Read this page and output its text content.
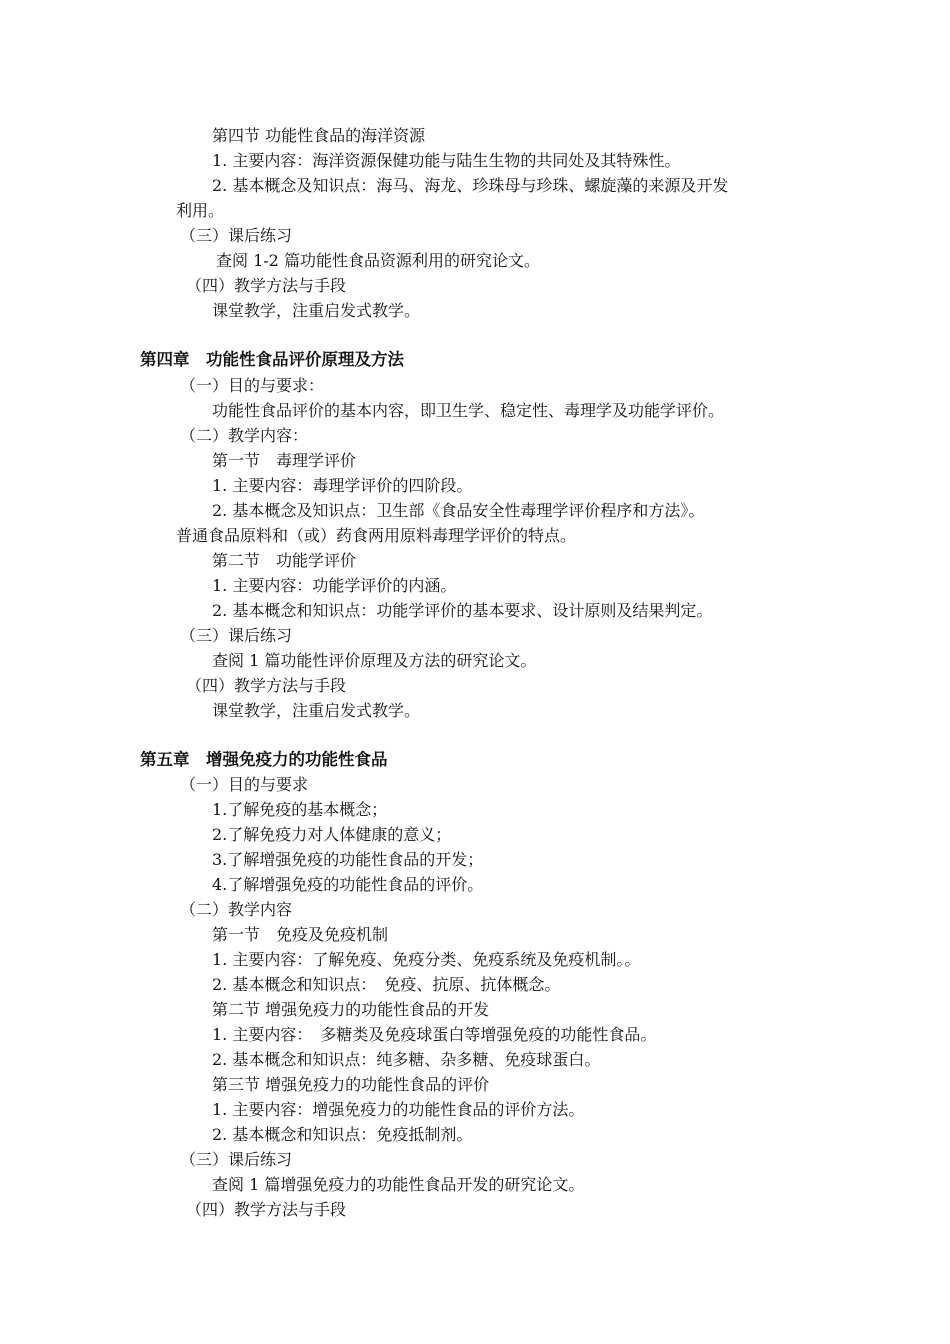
第四节 功能性食品的海洋资源
1. 主要内容：海洋资源保健功能与陆生生物的共同处及其特殊性。
2. 基本概念及知识点：海马、海龙、珍珠母与珍珠、螺旋藻的来源及开发
利用。
（三）课后练习
查阅 1-2 篇功能性食品资源利用的研究论文。
（四）教学方法与手段
课堂教学，注重启发式教学。
第四章　功能性食品评价原理及方法
（一）目的与要求：
功能性食品评价的基本内容，即卫生学、稳定性、毒理学及功能学评价。
（二）教学内容：
第一节　毒理学评价
1. 主要内容：毒理学评价的四阶段。
2. 基本概念及知识点：卫生部《食品安全性毒理学评价程序和方法》。
普通食品原料和（或）药食两用原料毒理学评价的特点。
第二节　功能学评价
1. 主要内容：功能学评价的内涵。
2. 基本概念和知识点：功能学评价的基本要求、设计原则及结果判定。
（三）课后练习
查阅 1 篇功能性评价原理及方法的研究论文。
（四）教学方法与手段
课堂教学，注重启发式教学。
第五章　增强免疫力的功能性食品
（一）目的与要求
1.了解免疫的基本概念；
2.了解免疫力对人体健康的意义；
3.了解增强免疫的功能性食品的开发；
4.了解增强免疫的功能性食品的评价。
（二）教学内容
第一节　免疫及免疫机制
1. 主要内容：了解免疫、免疫分类、免疫系统及免疫机制。。
2. 基本概念和知识点：　免疫、抗原、抗体概念。
第二节 增强免疫力的功能性食品的开发
1. 主要内容：　多糖类及免疫球蛋白等增强免疫的功能性食品。
2. 基本概念和知识点：纯多糖、杂多糖、免疫球蛋白。
第三节 增强免疫力的功能性食品的评价
1. 主要内容：增强免疫力的功能性食品的评价方法。
2. 基本概念和知识点：免疫抵制剂。
（三）课后练习
查阅 1 篇增强免疫力的功能性食品开发的研究论文。
（四）教学方法与手段
